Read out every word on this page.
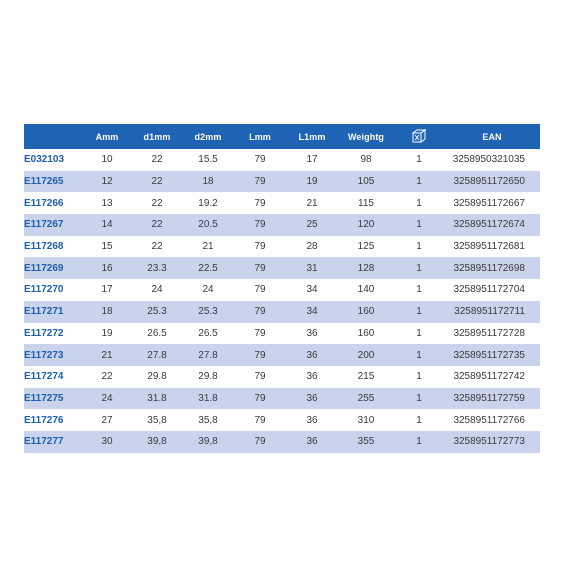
	Amm	d1mm	d2mm	Lmm	L1mm	Weightg		EAN
E032103	10	22	15.5	79	17	98	1	3258950321035
E117265	12	22	18	79	19	105	1	3258951172650
E117266	13	22	19.2	79	21	115	1	3258951172667
E117267	14	22	20.5	79	25	120	1	3258951172674
E117268	15	22	21	79	28	125	1	3258951172681
E117269	16	23.3	22.5	79	31	128	1	3258951172698
E117270	17	24	24	79	34	140	1	3258951172704
E117271	18	25.3	25.3	79	34	160	1	3258951172711
E117272	19	26.5	26.5	79	36	160	1	3258951172728
E117273	21	27.8	27.8	79	36	200	1	3258951172735
E117274	22	29.8	29.8	79	36	215	1	3258951172742
E117275	24	31.8	31.8	79	36	255	1	3258951172759
E117276	27	35,8	35,8	79	36	310	1	3258951172766
E117277	30	39,8	39,8	79	36	355	1	3258951172773
